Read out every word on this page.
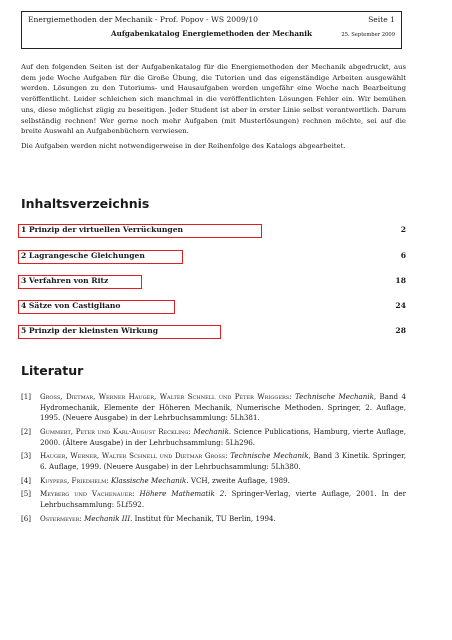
Energiemethoden der Mechanik - Prof. Popov - WS 2009/10	Seite 1
Aufgabenkatalog Energiemethoden der Mechanik	25. September 2009

Auf den folgenden Seiten ist der Aufgabenkatalog für die Energiemethoden der Mechanik abgedruckt, aus dem jede Woche Aufgaben für die Große Übung, die Tutorien und das eigenständige Arbeiten ausgewählt werden. Lösungen zu den Tutoriums- und Hausaufgaben werden ungefähr eine Woche nach Bearbeitung veröffentlicht. Leider schleichen sich manchmal in die veröffentlichten Lösungen Fehler ein. Wir bemühen uns, diese möglichst zügig zu beseitigen. Jeder Student ist aber in erster Linie selbst verantwortlich. Darum selbständig rechnen! Wer gerne noch mehr Aufgaben (mit Musterlösungen) rechnen möchte, sei auf die breite Auswahl an Aufgabenbüchern verwiesen.

Die Aufgaben werden nicht notwendigerweise in der Reihenfolge des Katalogs abgearbeitet.

Inhaltsverzeichnis
1 Prinzip der virtuellen Verrückungen	2
2 Lagrangesche Gleichungen	6
3 Verfahren von Ritz	18
4 Sätze von Castigliano	24
5 Prinzip der kleinsten Wirkung	28
Literatur
[1] Gross, Dietmar, Werner Hauger, Walter Schnell und Peter Wriggers: Technische Mechanik, Band 4 Hydromechanik, Elemente der Höheren Mechanik, Numerische Methoden. Springer, 2. Auflage, 1995. (Neuere Ausgabe) in der Lehrbuchsammlung: 5Lh381.
[2] Gummert, Peter und Karl-August Reckling: Mechanik. Science Publications, Hamburg, vierte Auflage, 2000. (Ältere Ausgabe) in der Lehrbuchsammlung: 5Lh296.
[3] Hauger, Werner, Walter Schnell und Dietmar Gross: Technische Mechanik, Band 3 Kinetik. Springer, 6. Auflage, 1999. (Neuere Ausgabe) in der Lehrbuchsammlung: 5Lh380.
[4] Kuypers, Friedhelm: Klassische Mechanik. VCH, zweite Auflage, 1989.
[5] Meyberg und Vachenauer: Höhere Mathematik 2. Springer-Verlag, vierte Auflage, 2001. In der Lehrbuchsammlung: 5Lf592.
[6] Ostermeyer: Mechanik III. Institut für Mechanik, TU Berlin, 1994.
